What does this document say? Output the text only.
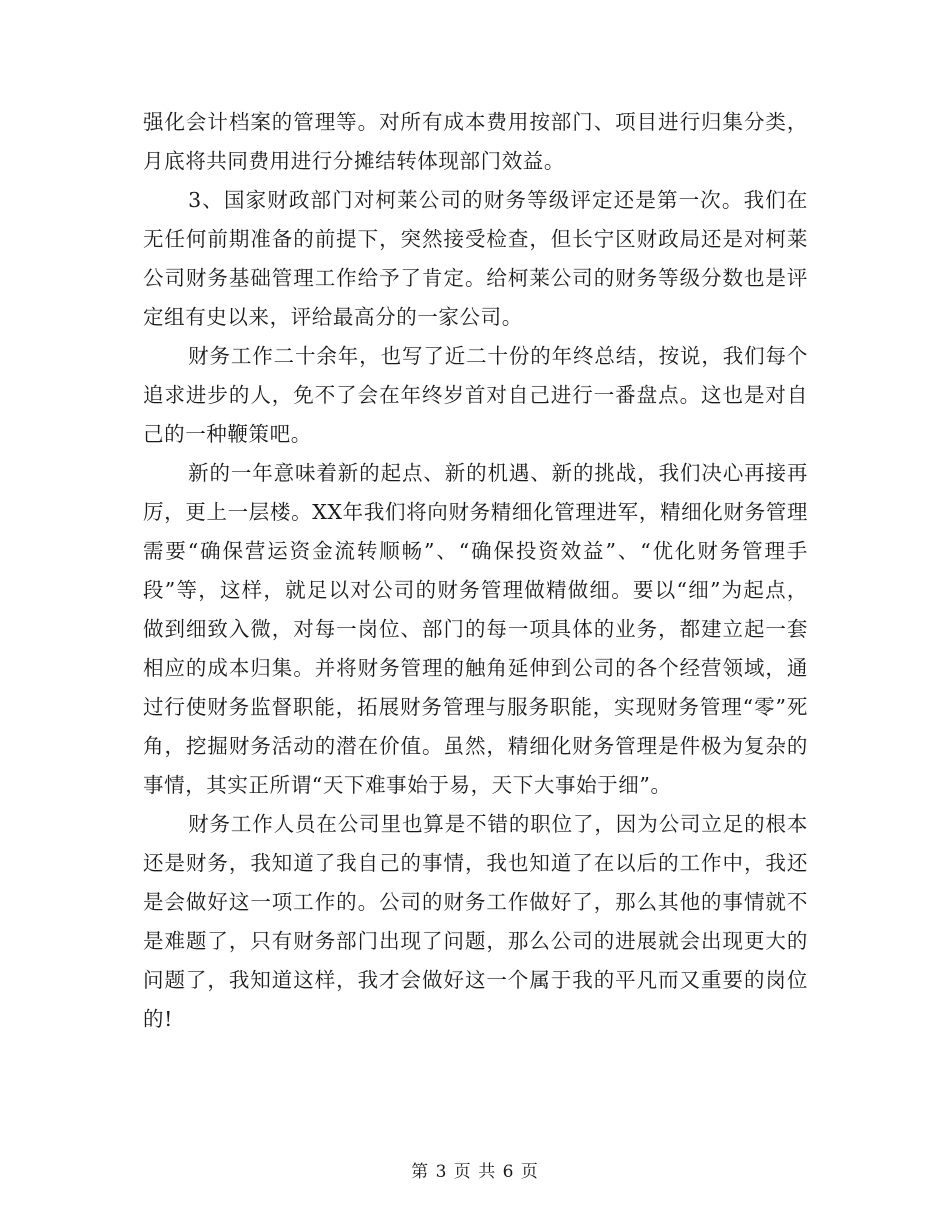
强化会计档案的管理等。对所有成本费用按部门、项目进行归集分类，月底将共同费用进行分摊结转体现部门效益。

3、国家财政部门对柯莱公司的财务等级评定还是第一次。我们在无任何前期准备的前提下，突然接受检查，但长宁区财政局还是对柯莱公司财务基础管理工作给予了肯定。给柯莱公司的财务等级分数也是评定组有史以来，评给最高分的一家公司。

财务工作二十余年，也写了近二十份的年终总结，按说，我们每个追求进步的人，免不了会在年终岁首对自己进行一番盘点。这也是对自己的一种鞭策吧。

新的一年意味着新的起点、新的机遇、新的挑战，我们决心再接再厉，更上一层楼。XX年我们将向财务精细化管理进军，精细化财务管理需要“确保营运资金流转顺畅”、“确保投资效益”、“优化财务管理手段”等，这样，就足以对公司的财务管理做精做细。要以“细”为起点，做到细致入微，对每一岗位、部门的每一项具体的业务，都建立起一套相应的成本归集。并将财务管理的触角延伸到公司的各个经营领域，通过行使财务监督职能，拓展财务管理与服务职能，实现财务管理“零”死角，挖掘财务活动的潜在价值。虽然，精细化财务管理是件极为复杂的事情，其实正所谓“天下难事始于易，天下大事始于细”。

财务工作人员在公司里也算是不错的职位了，因为公司立足的根本还是财务，我知道了我自己的事情，我也知道了在以后的工作中，我还是会做好这一项工作的。公司的财务工作做好了，那么其他的事情就不是难题了，只有财务部门出现了问题，那么公司的进展就会出现更大的问题了，我知道这样，我才会做好这一个属于我的平凡而又重要的岗位的!

第 3 页 共 6 页
